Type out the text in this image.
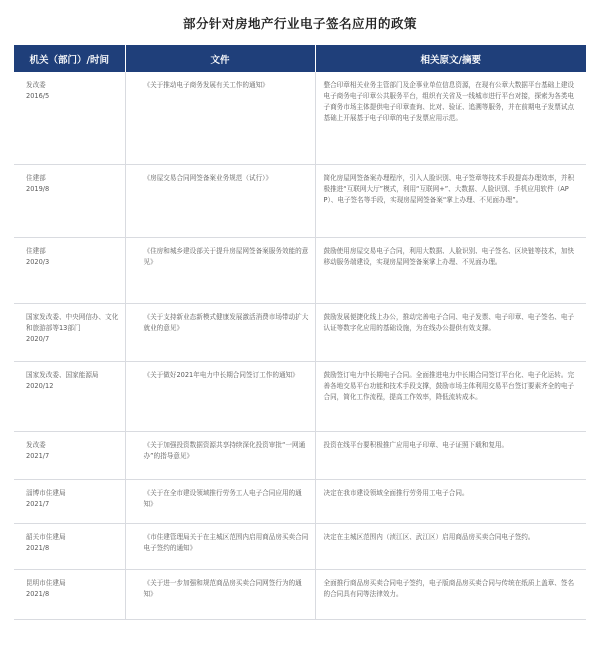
部分针对房地产行业电子签名应用的政策
机关（部门）/时间	文件	相关原文/摘要

发改委
2016/5	《关于推动电子商务发展有关工作的通知》	整合印章相关业务主管部门及企事业单位信息资源，在现有公章大数据平台基础上建设电子商务电子印章公共服务平台，组织有关省及一线城市进行平台对接，探索为各类电子商务市场主体提供电子印章查询、比对、验证、追溯等服务，并在前期电子发票试点基础上开展基于电子印章的电子发票应用示范。

住建部
2019/8	《房屋交易合同网签备案业务规范（试行）》	简化房屋网签备案办理程序，引入人脸识别、电子签章等技术手段提高办理效率，并积极推进“互联网大厅”模式，利用“互联网+”、大数据、人脸识别、手机应用软件（APP）、电子签名等手段，实现房屋网签备案“掌上办理、不见面办理”。

住建部
2020/3	《住房和城乡建设部关于提升房屋网签备案服务效能的意见》	鼓励使用房屋交易电子合同，利用大数据、人脸识别、电子签名、区块链等技术，加快移动服务端建设，实现房屋网签备案掌上办理、不见面办理。

国家发改委、中央网信办、文化和旅游部等13部门
2020/7	《关于支持新业态新模式健康发展激活消费市场带动扩大就业的意见》	鼓励发展便捷化线上办公，推动完善电子合同、电子发票、电子印章、电子签名、电子认证等数字化应用的基础设施，为在线办公提供有效支撑。

国家发改委、国家能源局
2020/12	《关于做好2021年电力中长期合同签订工作的通知》	鼓励签订电力中长期电子合同。全面推进电力中长期合同签订平台化、电子化运转。完善各地交易平台功能和技术手段支撑，鼓励市场主体利用交易平台签订要素齐全的电子合同，简化工作流程，提高工作效率，降低流转成本。

发改委
2021/7	《关于加强投资数据资源共享持续深化投资审批“一网通办”的指导意见》	投资在线平台要积极推广应用电子印章、电子证照下载和复用。

淄博市住建局
2021/7	《关于在全市建设领域推行劳务工人电子合同应用的通知》	决定在我市建设领域全面推行劳务用工电子合同。

韶关市住建局
2021/8	《市住建管理局关于在主城区范围内启用商品房买卖合同电子签约的通知》	决定在主城区范围内（浈江区、武江区）启用商品房买卖合同电子签约。

昆明市住建局
2021/8	《关于进一步加强和规范商品房买卖合同网签行为的通知》	全面推行商品房买卖合同电子签约，电子版商品房买卖合同与传统在纸质上盖章、签名的合同具有同等法律效力。
